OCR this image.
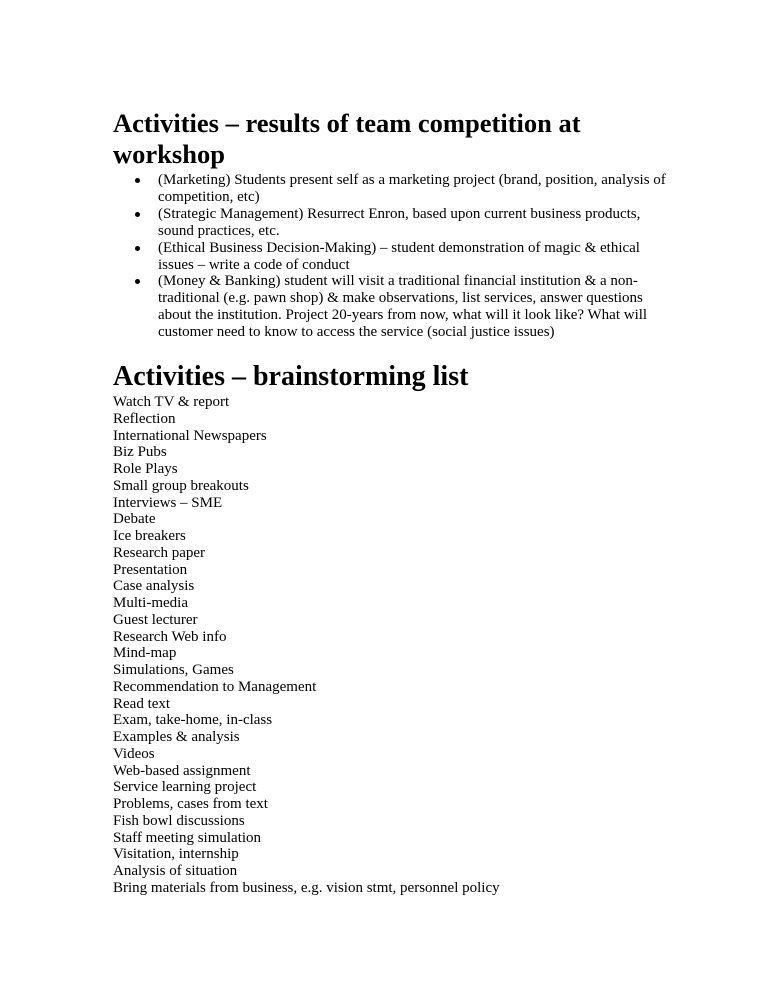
Activities – results of team competition at workshop
(Marketing) Students present self as a marketing project (brand, position, analysis of competition, etc)
(Strategic Management) Resurrect Enron, based upon current business products, sound practices, etc.
(Ethical Business Decision-Making) – student demonstration of magic & ethical issues – write a code of conduct
(Money & Banking) student will visit a traditional financial institution & a non-traditional (e.g. pawn shop) & make observations, list services, answer questions about the institution. Project 20-years from now, what will it look like? What will customer need to know to access the service (social justice issues)
Activities – brainstorming list
Watch TV & report
Reflection
International Newspapers
Biz Pubs
Role Plays
Small group breakouts
Interviews – SME
Debate
Ice breakers
Research paper
Presentation
Case analysis
Multi-media
Guest lecturer
Research Web info
Mind-map
Simulations, Games
Recommendation to Management
Read text
Exam, take-home, in-class
Examples & analysis
Videos
Web-based assignment
Service learning project
Problems, cases from text
Fish bowl discussions
Staff meeting simulation
Visitation, internship
Analysis of situation
Bring materials from business, e.g. vision stmt, personnel policy
